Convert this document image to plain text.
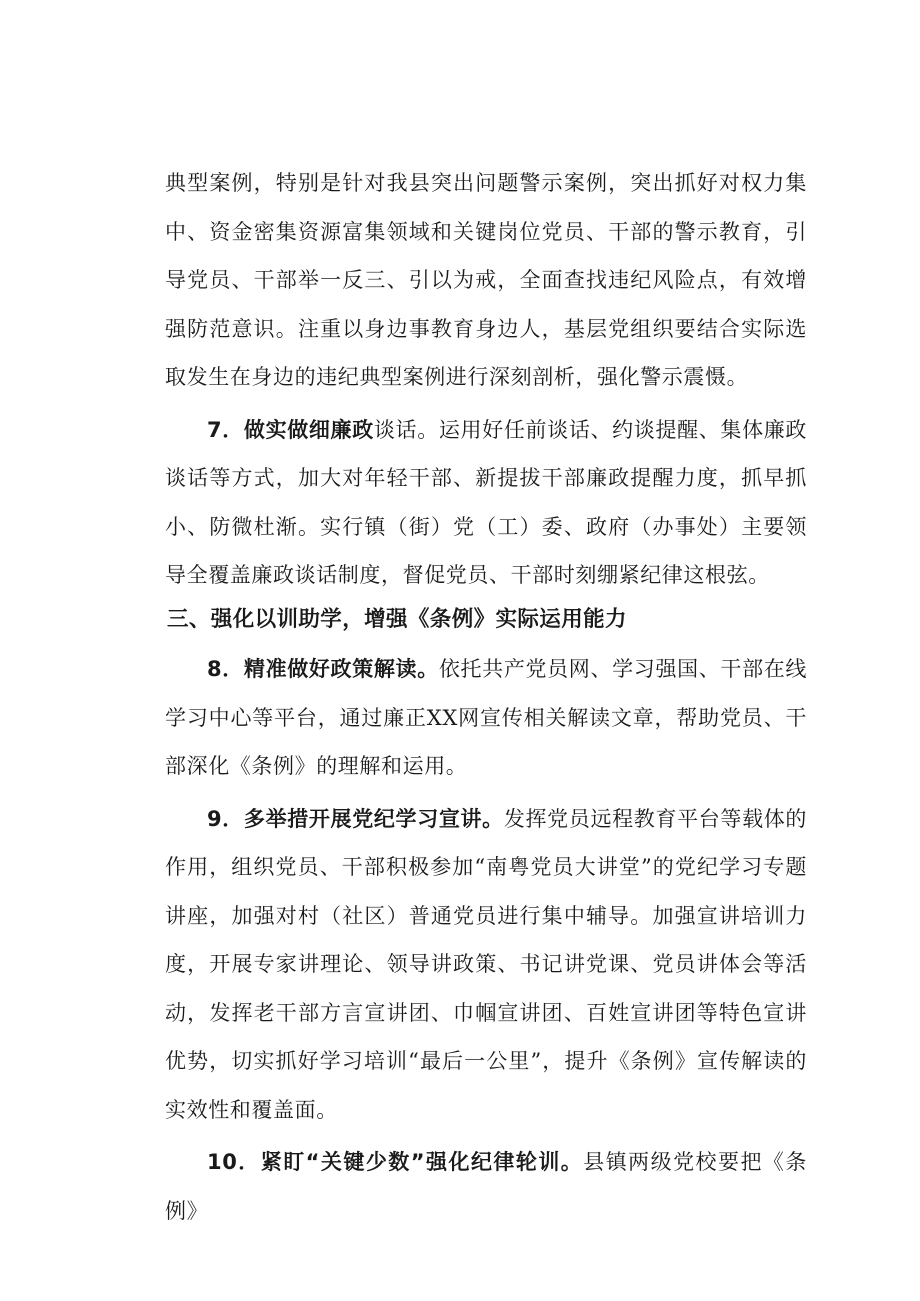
典型案例，特别是针对我县突出问题警示案例，突出抓好对权力集中、资金密集资源富集领域和关键岗位党员、干部的警示教育，引导党员、干部举一反三、引以为戒，全面查找违纪风险点，有效增强防范意识。注重以身边事教育身边人，基层党组织要结合实际选取发生在身边的违纪典型案例进行深刻剖析，强化警示震慑。

7．做实做细廉政谈话。运用好任前谈话、约谈提醒、集体廉政谈话等方式，加大对年轻干部、新提拔干部廉政提醒力度，抓早抓小、防微杜渐。实行镇（街）党（工）委、政府（办事处）主要领导全覆盖廉政谈话制度，督促党员、干部时刻绷紧纪律这根弦。

三、强化以训助学，增强《条例》实际运用能力

8．精准做好政策解读。依托共产党员网、学习强国、干部在线学习中心等平台，通过廉正XX网宣传相关解读文章，帮助党员、干部深化《条例》的理解和运用。

9．多举措开展党纪学习宣讲。发挥党员远程教育平台等载体的作用，组织党员、干部积极参加“南粤党员大讲堂”的党纪学习专题讲座，加强对村（社区）普通党员进行集中辅导。加强宣讲培训力度，开展专家讲理论、领导讲政策、书记讲党课、党员讲体会等活动，发挥老干部方言宣讲团、巾帼宣讲团、百姓宣讲团等特色宣讲优势，切实抓好学习培训“最后一公里”，提升《条例》宣传解读的实效性和覆盖面。

10．紧盯“关键少数”强化纪律轮训。县镇两级党校要把《条例》
